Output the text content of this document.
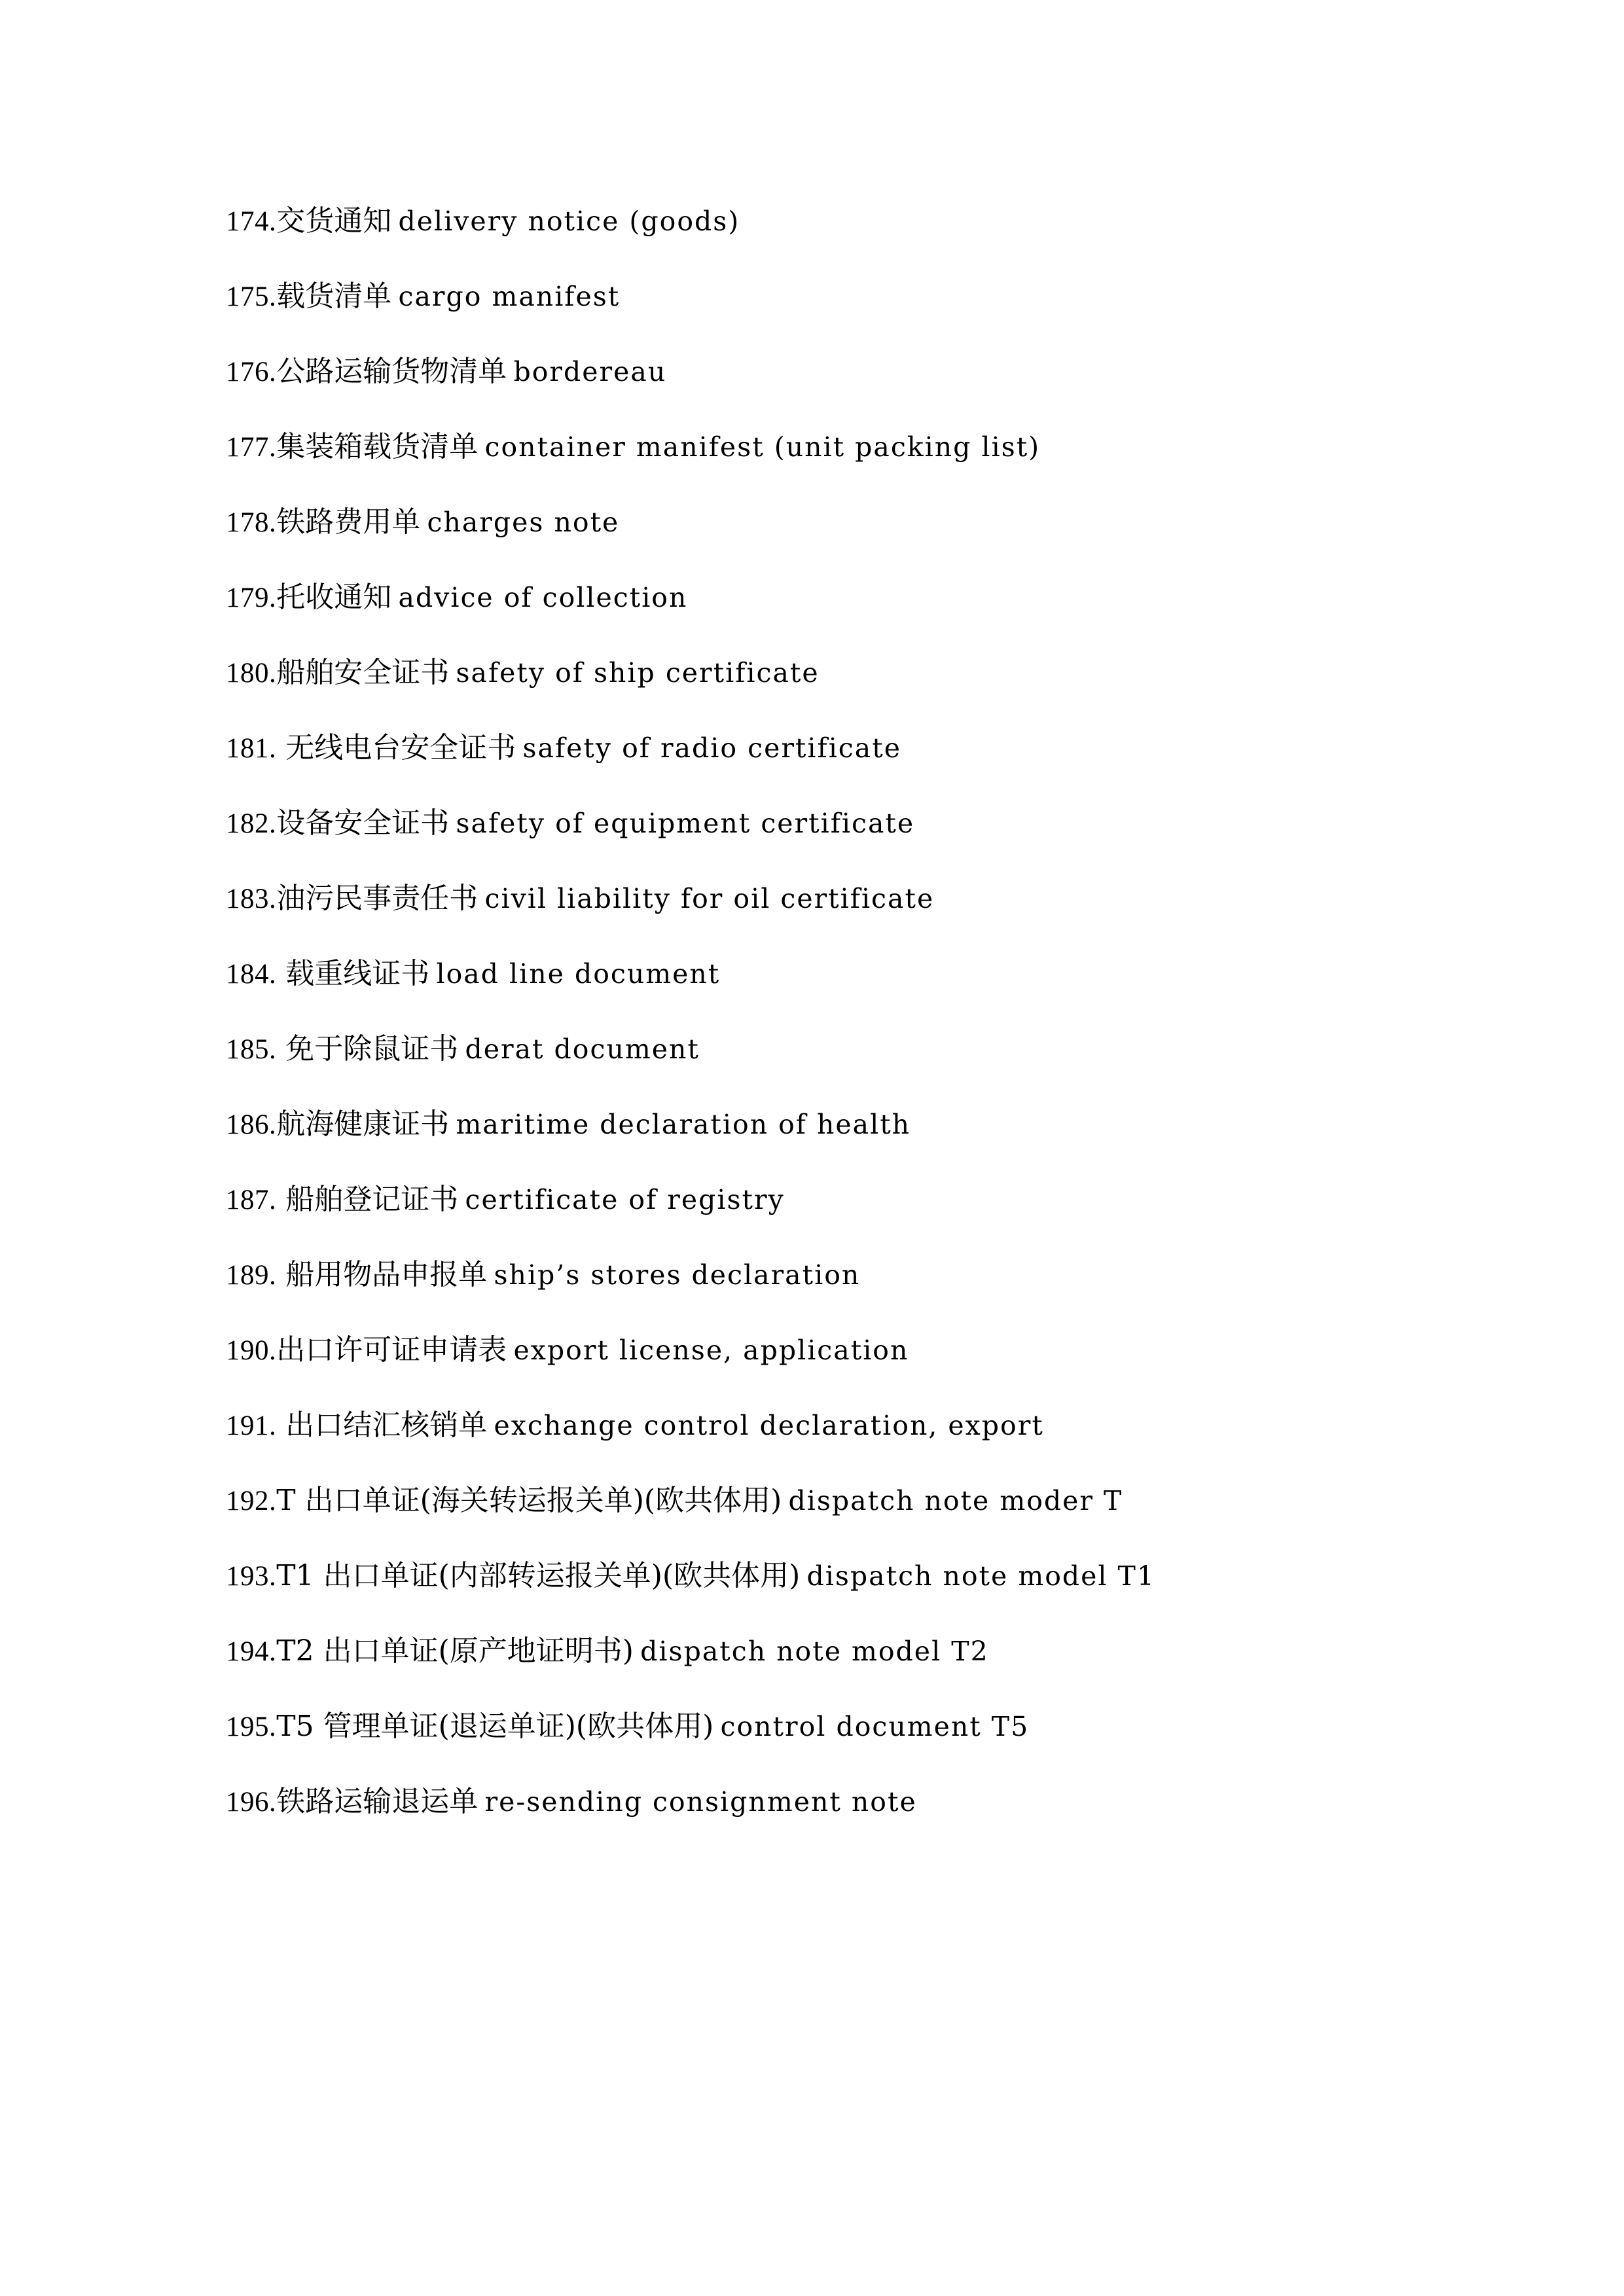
174.交货通知 delivery notice (goods)
175.载货清单 cargo manifest
176.公路运输货物清单 bordereau
177.集装箱载货清单 container manifest (unit packing list)
178.铁路费用单 charges note
179.托收通知 advice of collection
180.船舶安全证书 safety of ship certificate
181. 无线电台安全证书 safety of radio certificate
182.设备安全证书 safety of equipment certificate
183.油污民事责任书 civil liability for oil certificate
184. 载重线证书 load line document
185. 免于除鼠证书 derat document
186.航海健康证书 maritime declaration of health
187. 船舶登记证书 certificate of registry
189. 船用物品申报单 ship’s stores declaration
190.出口许可证申请表 export license, application
191. 出口结汇核销单 exchange control declaration, export
192.T 出口单证(海关转运报关单)(欧共体用) dispatch note moder T
193.T1 出口单证(内部转运报关单)(欧共体用) dispatch note model T1
194.T2 出口单证(原产地证明书) dispatch note model T2
195.T5 管理单证(退运单证)(欧共体用) control document T5
196.铁路运输退运单 re-sending consignment note
